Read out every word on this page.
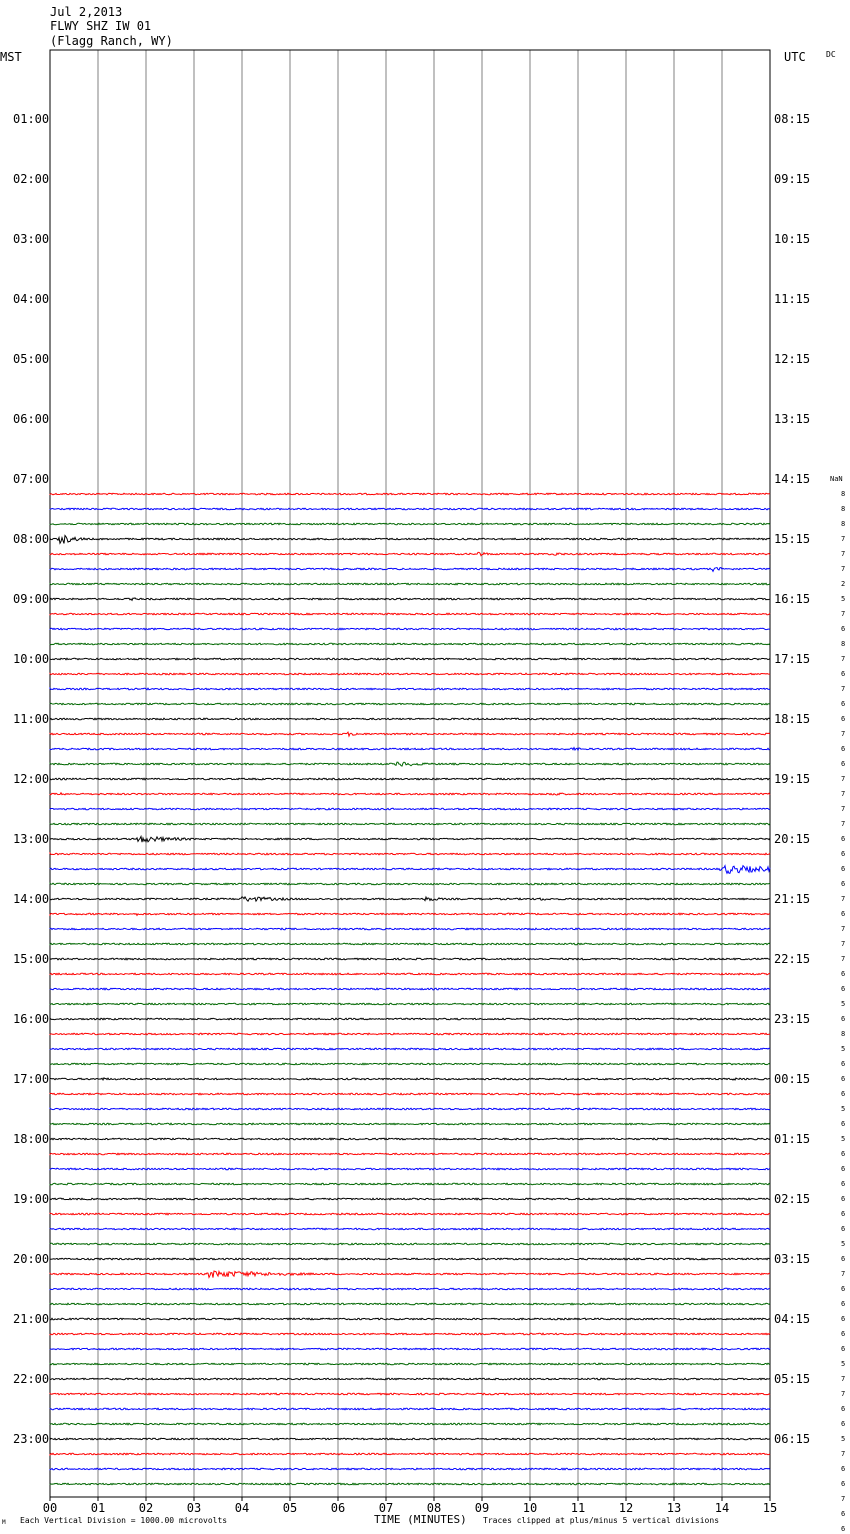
Jul 2,2013
FLWY SHZ IW 01
(Flagg Ranch, WY)
MST	UTC	DC
NaN
01:00
02:00
03:00
04:00
05:00
06:00
07:00
08:00
09:00
10:00
11:00
12:00
13:00
14:00
15:00
16:00
17:00
18:00
19:00
20:00
21:00
22:00
23:00
08:15
09:15
10:15
11:15
12:15
13:15
14:15
15:15
16:15
17:15
18:15
19:15
20:15
21:15
22:15
23:15
00:15
01:15
02:15
03:15
04:15
05:15
06:15
8
8
8
7
7
7
2
5
7
6
8
7
6
7
6
6
7
6
6
7
7
7
7
6
6
6
6
7
6
7
7
7
6
6
5
6
8
5
6
6
6
5
6
5
6
6
6
6
6
6
5
6
7
6
6
6
6
6
5
7
7
6
6
5
7
6
6
7
6
6
00	01	02	03	04	05	06	07	08	09	10	11	12	13	14	15
M Each Vertical Division = 1000.00 microvolts	TIME (MINUTES) Traces clipped at plus/minus 5 vertical divisions
